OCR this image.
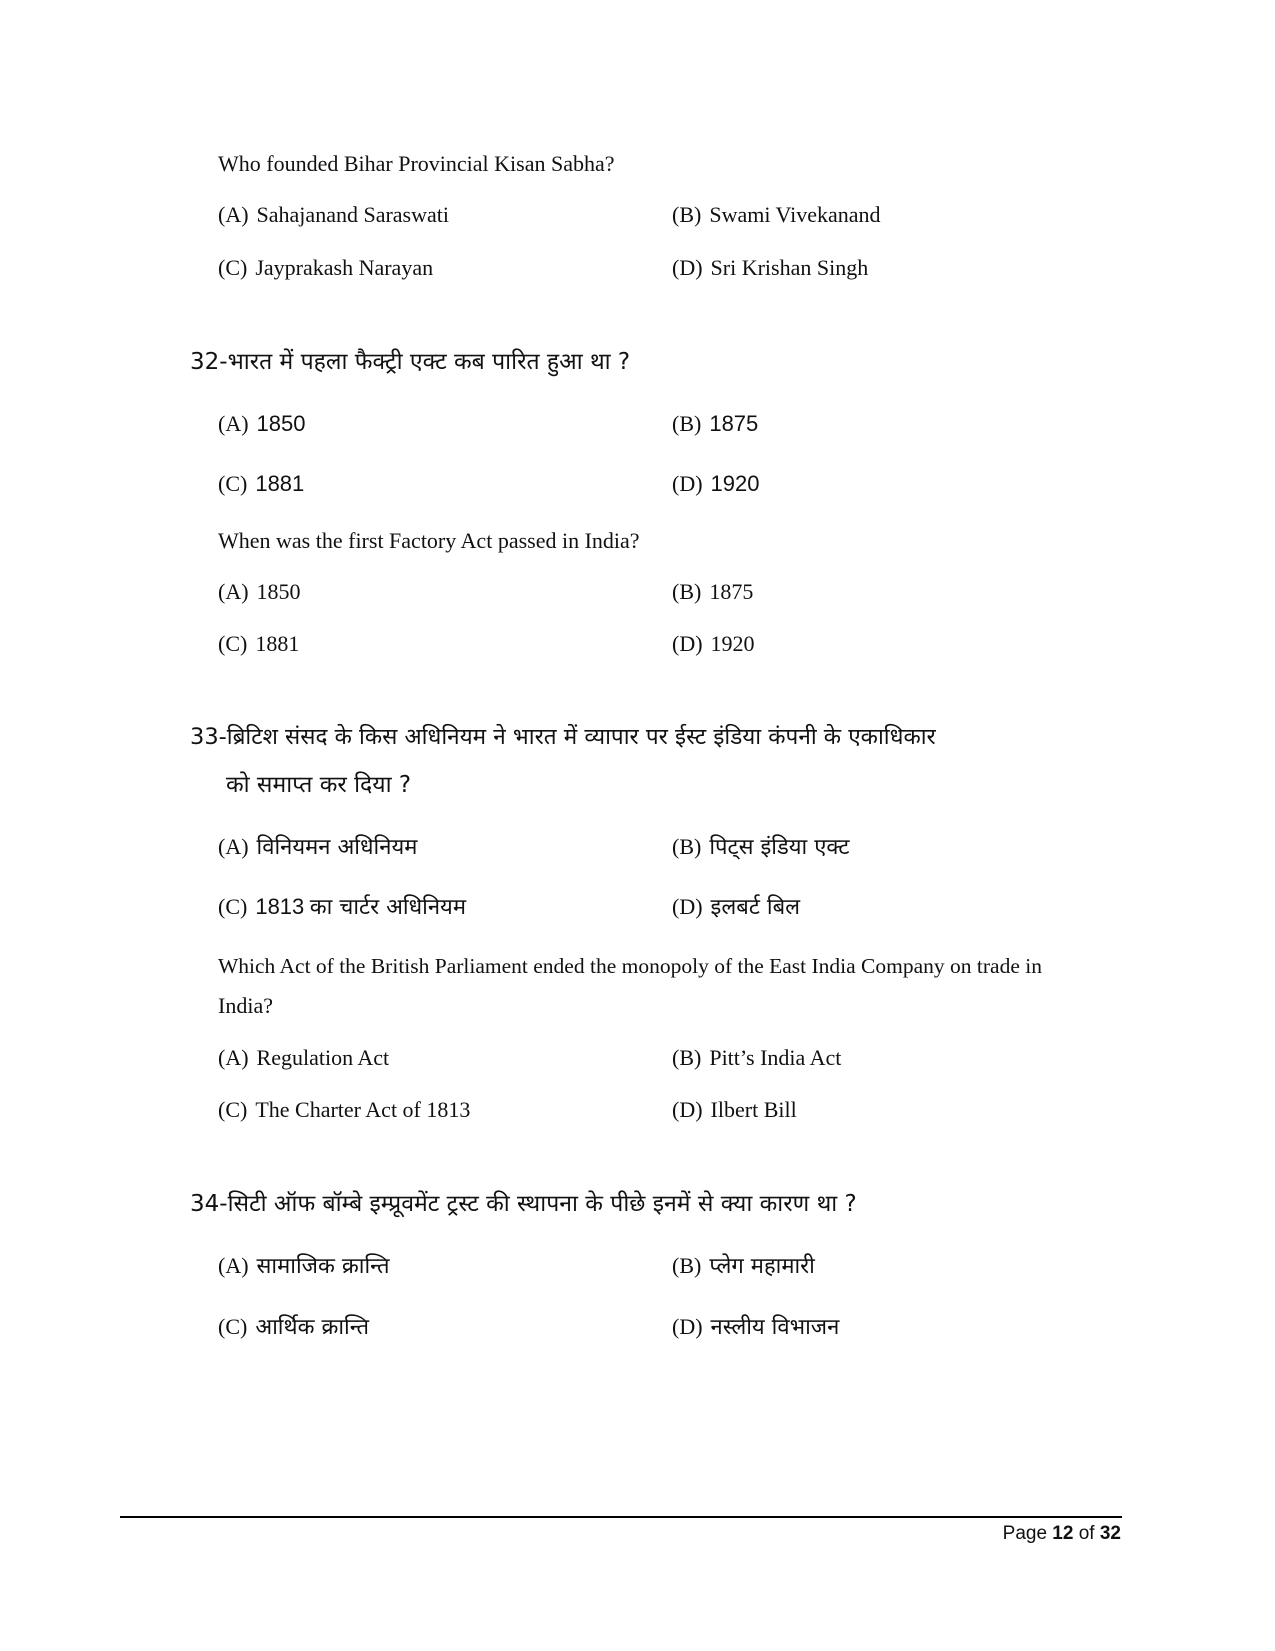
Who founded Bihar Provincial Kisan Sabha?
(A) Sahajanand Saraswati	(B) Swami Vivekanand
(C) Jayprakash Narayan	(D) Sri Krishan Singh
32-भारत में पहला फैक्ट्री एक्ट कब पारित हुआ था ?
(A) 1850	(B) 1875
(C) 1881	(D) 1920
When was the first Factory Act passed in India?
(A) 1850	(B) 1875
(C) 1881	(D) 1920
33-ब्रिटिश संसद के किस अधिनियम ने भारत में व्यापार पर ईस्ट इंडिया कंपनी के एकाधिकार
को समाप्त कर दिया ?
(A) विनियमन अधिनियम	(B) पिट्स इंडिया एक्ट
(C) 1813 का चार्टर अधिनियम	(D) इलबर्ट बिल
Which Act of the British Parliament ended the monopoly of the East India Company on trade in
India?
(A) Regulation Act	(B) Pitt’s India Act
(C) The Charter Act of 1813	(D) Ilbert Bill
34-सिटी ऑफ बॉम्बे इम्प्रूवमेंट ट्रस्ट की स्थापना के पीछे इनमें से क्या कारण था ?
(A) सामाजिक क्रान्ति	(B) प्लेग महामारी
(C) आर्थिक क्रान्ति	(D) नस्लीय विभाजन
Page 12 of 32
